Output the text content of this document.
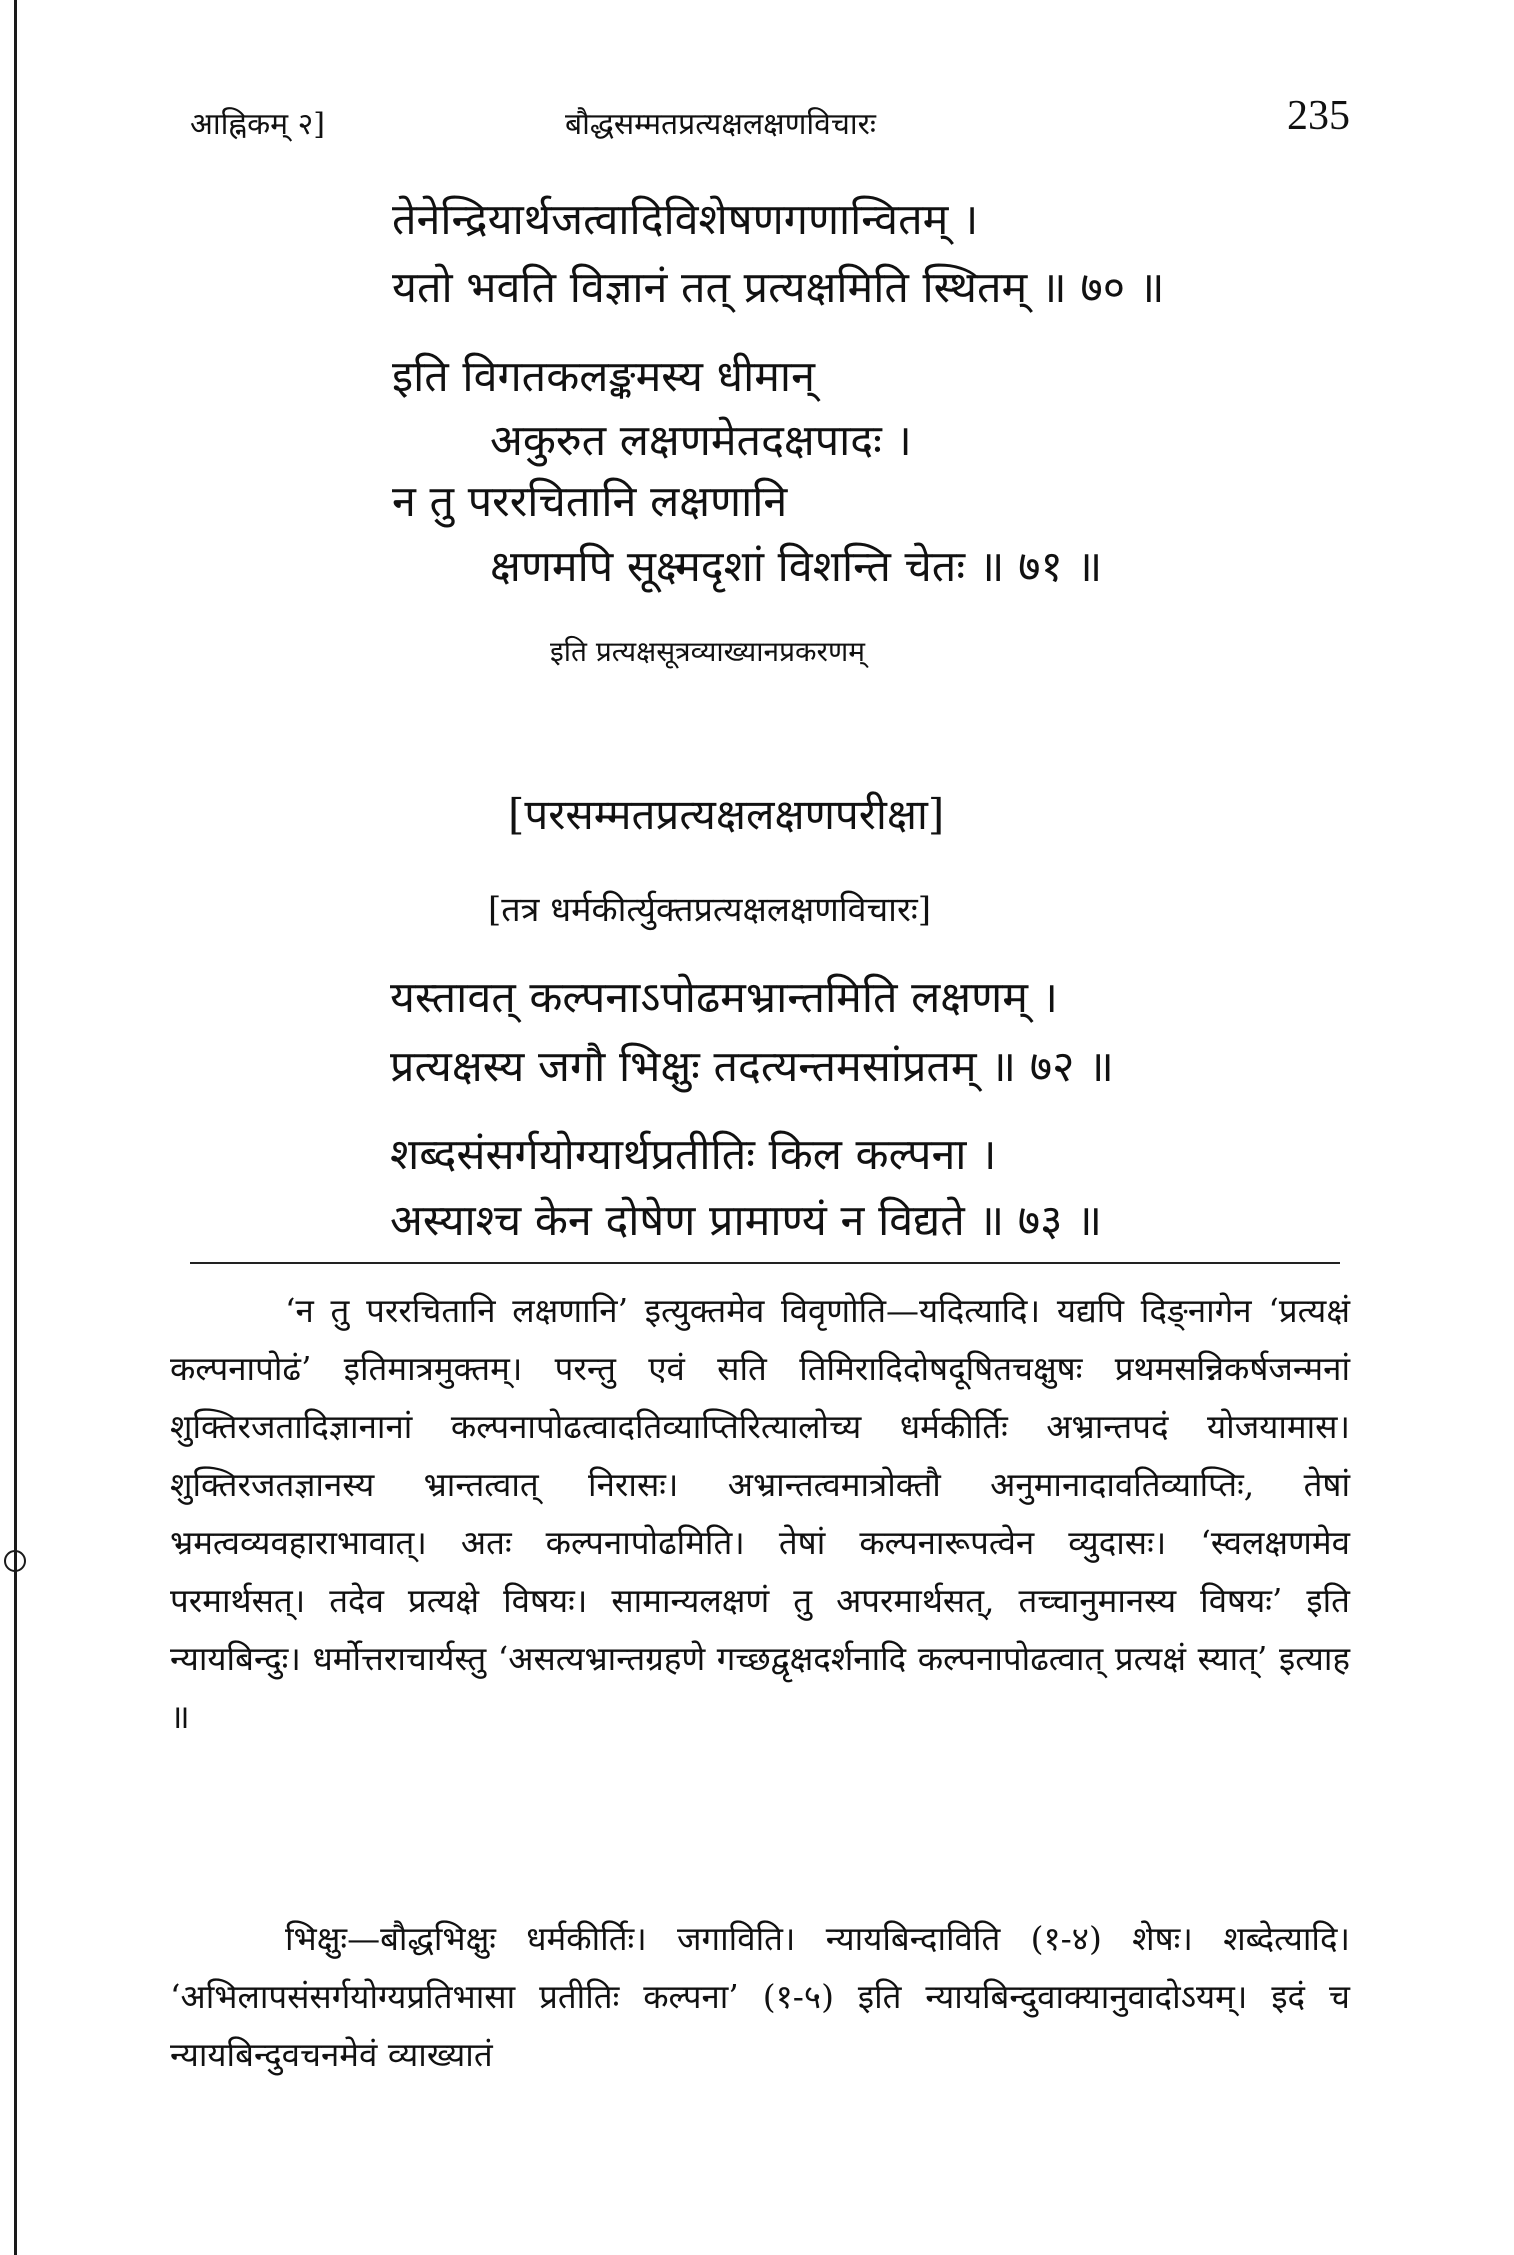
आह्निकम् २]	बौद्धसम्मतप्रत्यक्षलक्षणविचारः	235
तेनेन्द्रियार्थजत्वादिविशेषणगणान्वितम् ।
यतो भवति विज्ञानं तत् प्रत्यक्षमिति स्थितम् ॥ ७० ॥
इति विगतकलङ्कमस्य धीमान्
अकुरुत लक्षणमेतदक्षपादः ।
न तु पररचितानि लक्षणानि
क्षणमपि सूक्ष्मदृशां विशन्ति चेतः ॥ ७१ ॥
इति प्रत्यक्षसूत्रव्याख्यानप्रकरणम्
[परसम्मतप्रत्यक्षलक्षणपरीक्षा]
[तत्र धर्मकीर्त्युक्तप्रत्यक्षलक्षणविचारः]
यस्तावत् कल्पनाऽपोढमभ्रान्तमिति लक्षणम् ।
प्रत्यक्षस्य जगौ भिक्षुः तदत्यन्तमसांप्रतम् ॥ ७२ ॥
शब्दसंसर्गयोग्यार्थप्रतीतिः किल कल्पना ।
अस्याश्च केन दोषेण प्रामाण्यं न विद्यते ॥ ७३ ॥

‘न तु पररचितानि लक्षणानि’ इत्युक्तमेव विवृणोति—यदित्यादि। यद्यपि दिङ्नागेन ‘प्रत्यक्षं कल्पनापोढं’ इतिमात्रमुक्तम्। परन्तु एवं सति तिमिरादिदोषदूषितचक्षुषः प्रथमसन्निकर्षजन्मनां शुक्तिरजतादिज्ञानानां कल्पनापोढत्वादतिव्याप्तिरित्यालोच्य धर्मकीर्तिः अभ्रान्तपदं योजयामास। शुक्तिरजतज्ञानस्य भ्रान्तत्वात् निरासः। अभ्रान्तत्वमात्रोक्तौ अनुमानादावतिव्याप्तिः, तेषां भ्रमत्वव्यवहाराभावात्। अतः कल्पनापोढमिति। तेषां कल्पनारूपत्वेन व्युदासः। ‘स्वलक्षणमेव परमार्थसत्। तदेव प्रत्यक्षे विषयः। सामान्यलक्षणं तु अपरमार्थसत्, तच्चानुमानस्य विषयः’ इति न्यायबिन्दुः। धर्मोत्तराचार्यस्तु ‘असत्यभ्रान्तग्रहणे गच्छद्वृक्षदर्शनादि कल्पनापोढत्वात् प्रत्यक्षं स्यात्’ इत्याह ॥

भिक्षुः—बौद्धभिक्षुः धर्मकीर्तिः। जगाविति। न्यायबिन्दाविति (१-४) शेषः। शब्देत्यादि। ‘अभिलापसंसर्गयोग्यप्रतिभासा प्रतीतिः कल्पना’ (१-५) इति न्यायबिन्दुवाक्यानुवादोऽयम्। इदं च न्यायबिन्दुवचनमेवं व्याख्यातं
